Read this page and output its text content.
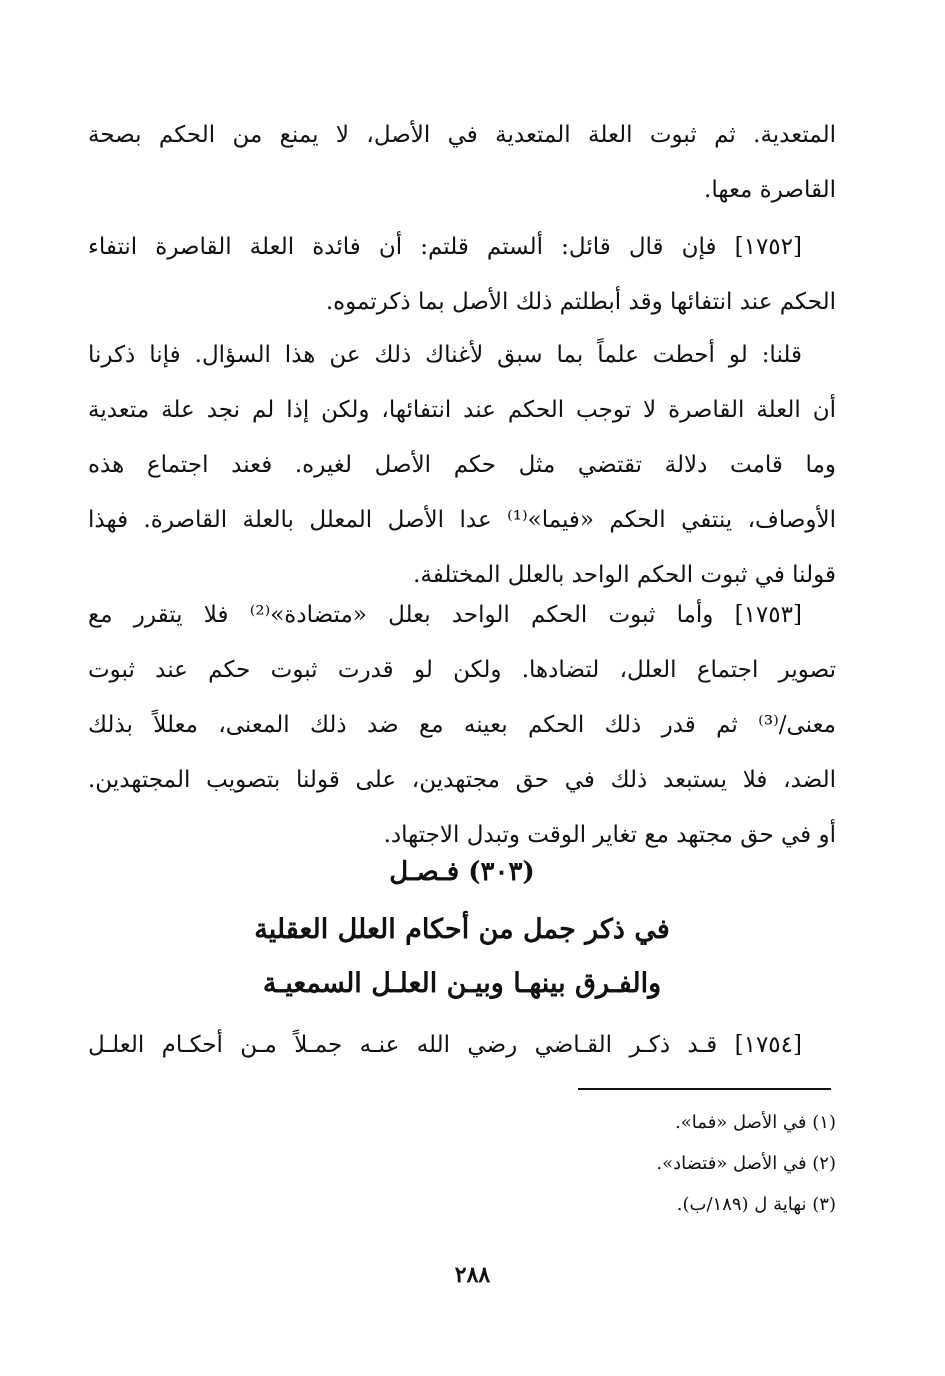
المتعدية. ثم ثبوت العلة المتعدية في الأصل، لا يمنع من الحكم بصحة
القاصرة معها.
[١٧٥٢] فإن قال قائل: ألستم قلتم: أن فائدة العلة القاصرة انتفاء
الحكم عند انتفائها وقد أبطلتم ذلك الأصل بما ذكرتموه.
قلنا: لو أحطت علماً بما سبق لأغناك ذلك عن هذا السؤال. فإنا ذكرنا
أن العلة القاصرة لا توجب الحكم عند انتفائها، ولكن إذا لم نجد علة متعدية
وما قامت دلالة تقتضي مثل حكم الأصل لغيره. فعند اجتماع هذه
الأوصاف، ينتفي الحكم «فيما»⁽¹⁾ عدا الأصل المعلل بالعلة القاصرة. فهذا
قولنا في ثبوت الحكم الواحد بالعلل المختلفة.
[١٧٥٣] وأما ثبوت الحكم الواحد بعلل «متضادة»⁽²⁾ فلا يتقرر مع
تصوير اجتماع العلل، لتضادها. ولكن لو قدرت ثبوت حكم عند ثبوت
معنى/⁽³⁾ ثم قدر ذلك الحكم بعينه مع ضد ذلك المعنى، معللاً بذلك
الضد، فلا يستبعد ذلك في حق مجتهدين، على قولنا بتصويب المجتهدين.
أو في حق مجتهد مع تغاير الوقت وتبدل الاجتهاد.
(٣٠٣) فـصـل
في ذكر جمل من أحكام العلل العقلية
والفـرق بينهـا وبيـن العلـل السمعيـة
[١٧٥٤] قـد ذكـر القـاضي رضي الله عنـه جمـلاً مـن أحكـام العلـل
(١) في الأصل «فما».
(٢) في الأصل «فتضاد».
(٣) نهاية ل (١٨٩/ب).
٢٨٨
